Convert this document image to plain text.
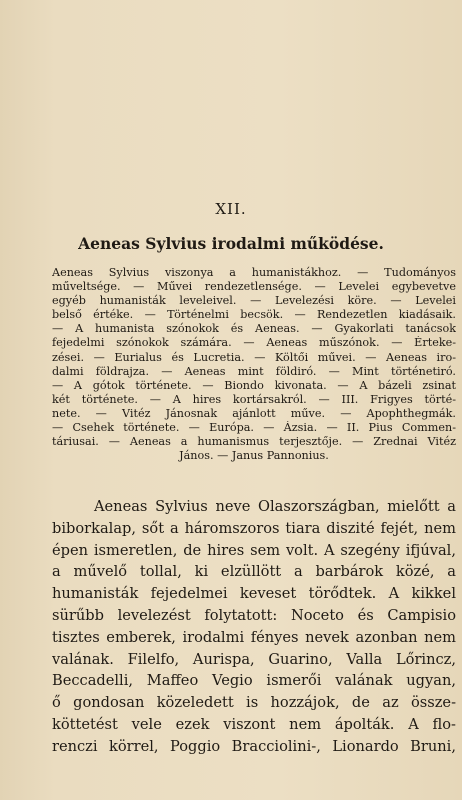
XII.
Aeneas Sylvius irodalmi működése.
Aeneas Sylvius viszonya a humanistákhoz. — Tudományos
műveltsége. — Művei rendezetlensége. — Levelei egybevetve
egyéb humanisták leveleivel. — Levelezési köre. — Levelei
belső értéke. — Történelmi becsök. — Rendezetlen kiadásaik.
— A humanista szónokok és Aeneas. — Gyakorlati tanácsok
fejedelmi szónokok számára. — Aeneas műszónok. — Érteke-
zései. — Eurialus és Lucretia. — Költői művei. — Aeneas iro-
dalmi földrajza. — Aeneas mint földiró. — Mint történetiró.
— A gótok története. — Biondo kivonata. — A bázeli zsinat
két története. — A hires kortársakról. — III. Frigyes törté-
nete. — Vitéz Jánosnak ajánlott műve. — Apophthegmák.
— Csehek története. — Európa. — Ázsia. — II. Pius Commen-
táriusai. — Aeneas a humanismus terjesztője. — Zrednai Vitéz
János. — Janus Pannonius.
Aeneas Sylvius neve Olaszországban, mielőtt a
biborkalap, sőt a háromszoros tiara diszité fejét, nem
épen ismeretlen, de hires sem volt. A szegény ifjúval,
a művelő tollal, ki elzüllött a barbárok közé, a
humanisták fejedelmei keveset törődtek. A kikkel
sürűbb levelezést folytatott: Noceto és Campisio
tisztes emberek, irodalmi fényes nevek azonban nem
valának. Filelfo, Aurispa, Guarino, Valla Lőrincz,
Beccadelli, Maffeo Vegio ismerői valának ugyan,
ő gondosan közeledett is hozzájok, de az össze-
köttetést vele ezek viszont nem ápolták. A flo-
renczi körrel, Poggio Bracciolini-, Lionardo Bruni,
